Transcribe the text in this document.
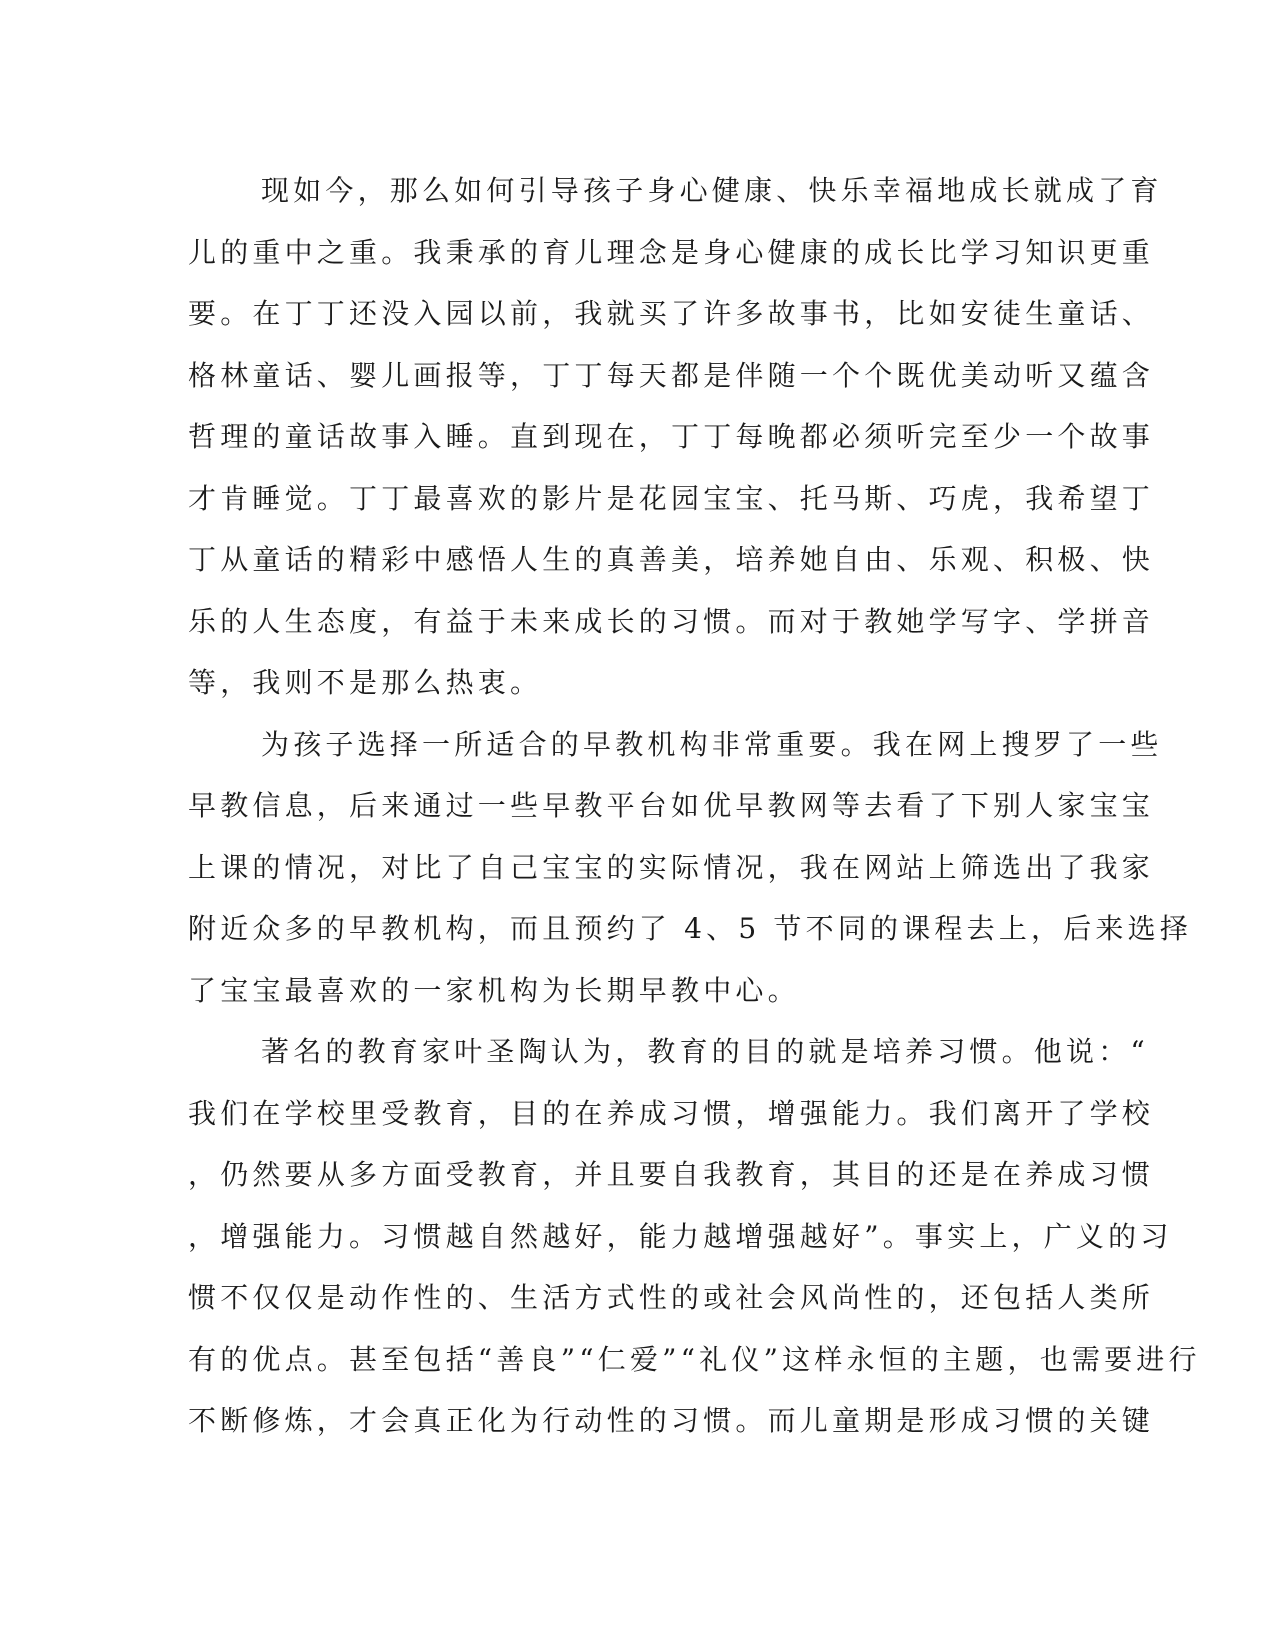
现如今，那么如何引导孩子身心健康、快乐幸福地成长就成了育
儿的重中之重。我秉承的育儿理念是身心健康的成长比学习知识更重
要。在丁丁还没入园以前，我就买了许多故事书，比如安徒生童话、
格林童话、婴儿画报等，丁丁每天都是伴随一个个既优美动听又蕴含
哲理的童话故事入睡。直到现在，丁丁每晚都必须听完至少一个故事
才肯睡觉。丁丁最喜欢的影片是花园宝宝、托马斯、巧虎，我希望丁
丁从童话的精彩中感悟人生的真善美，培养她自由、乐观、积极、快
乐的人生态度，有益于未来成长的习惯。而对于教她学写字、学拼音
等，我则不是那么热衷。
为孩子选择一所适合的早教机构非常重要。我在网上搜罗了一些
早教信息，后来通过一些早教平台如优早教网等去看了下别人家宝宝
上课的情况，对比了自己宝宝的实际情况，我在网站上筛选出了我家
附近众多的早教机构，而且预约了 4、5 节不同的课程去上，后来选择
了宝宝最喜欢的一家机构为长期早教中心。
著名的教育家叶圣陶认为，教育的目的就是培养习惯。他说：“
我们在学校里受教育，目的在养成习惯，增强能力。我们离开了学校
，仍然要从多方面受教育，并且要自我教育，其目的还是在养成习惯
，增强能力。习惯越自然越好，能力越增强越好”。事实上，广义的习
惯不仅仅是动作性的、生活方式性的或社会风尚性的，还包括人类所
有的优点。甚至包括“善良”“仁爱”“礼仪”这样永恒的主题，也需要进行
不断修炼，才会真正化为行动性的习惯。而儿童期是形成习惯的关键
